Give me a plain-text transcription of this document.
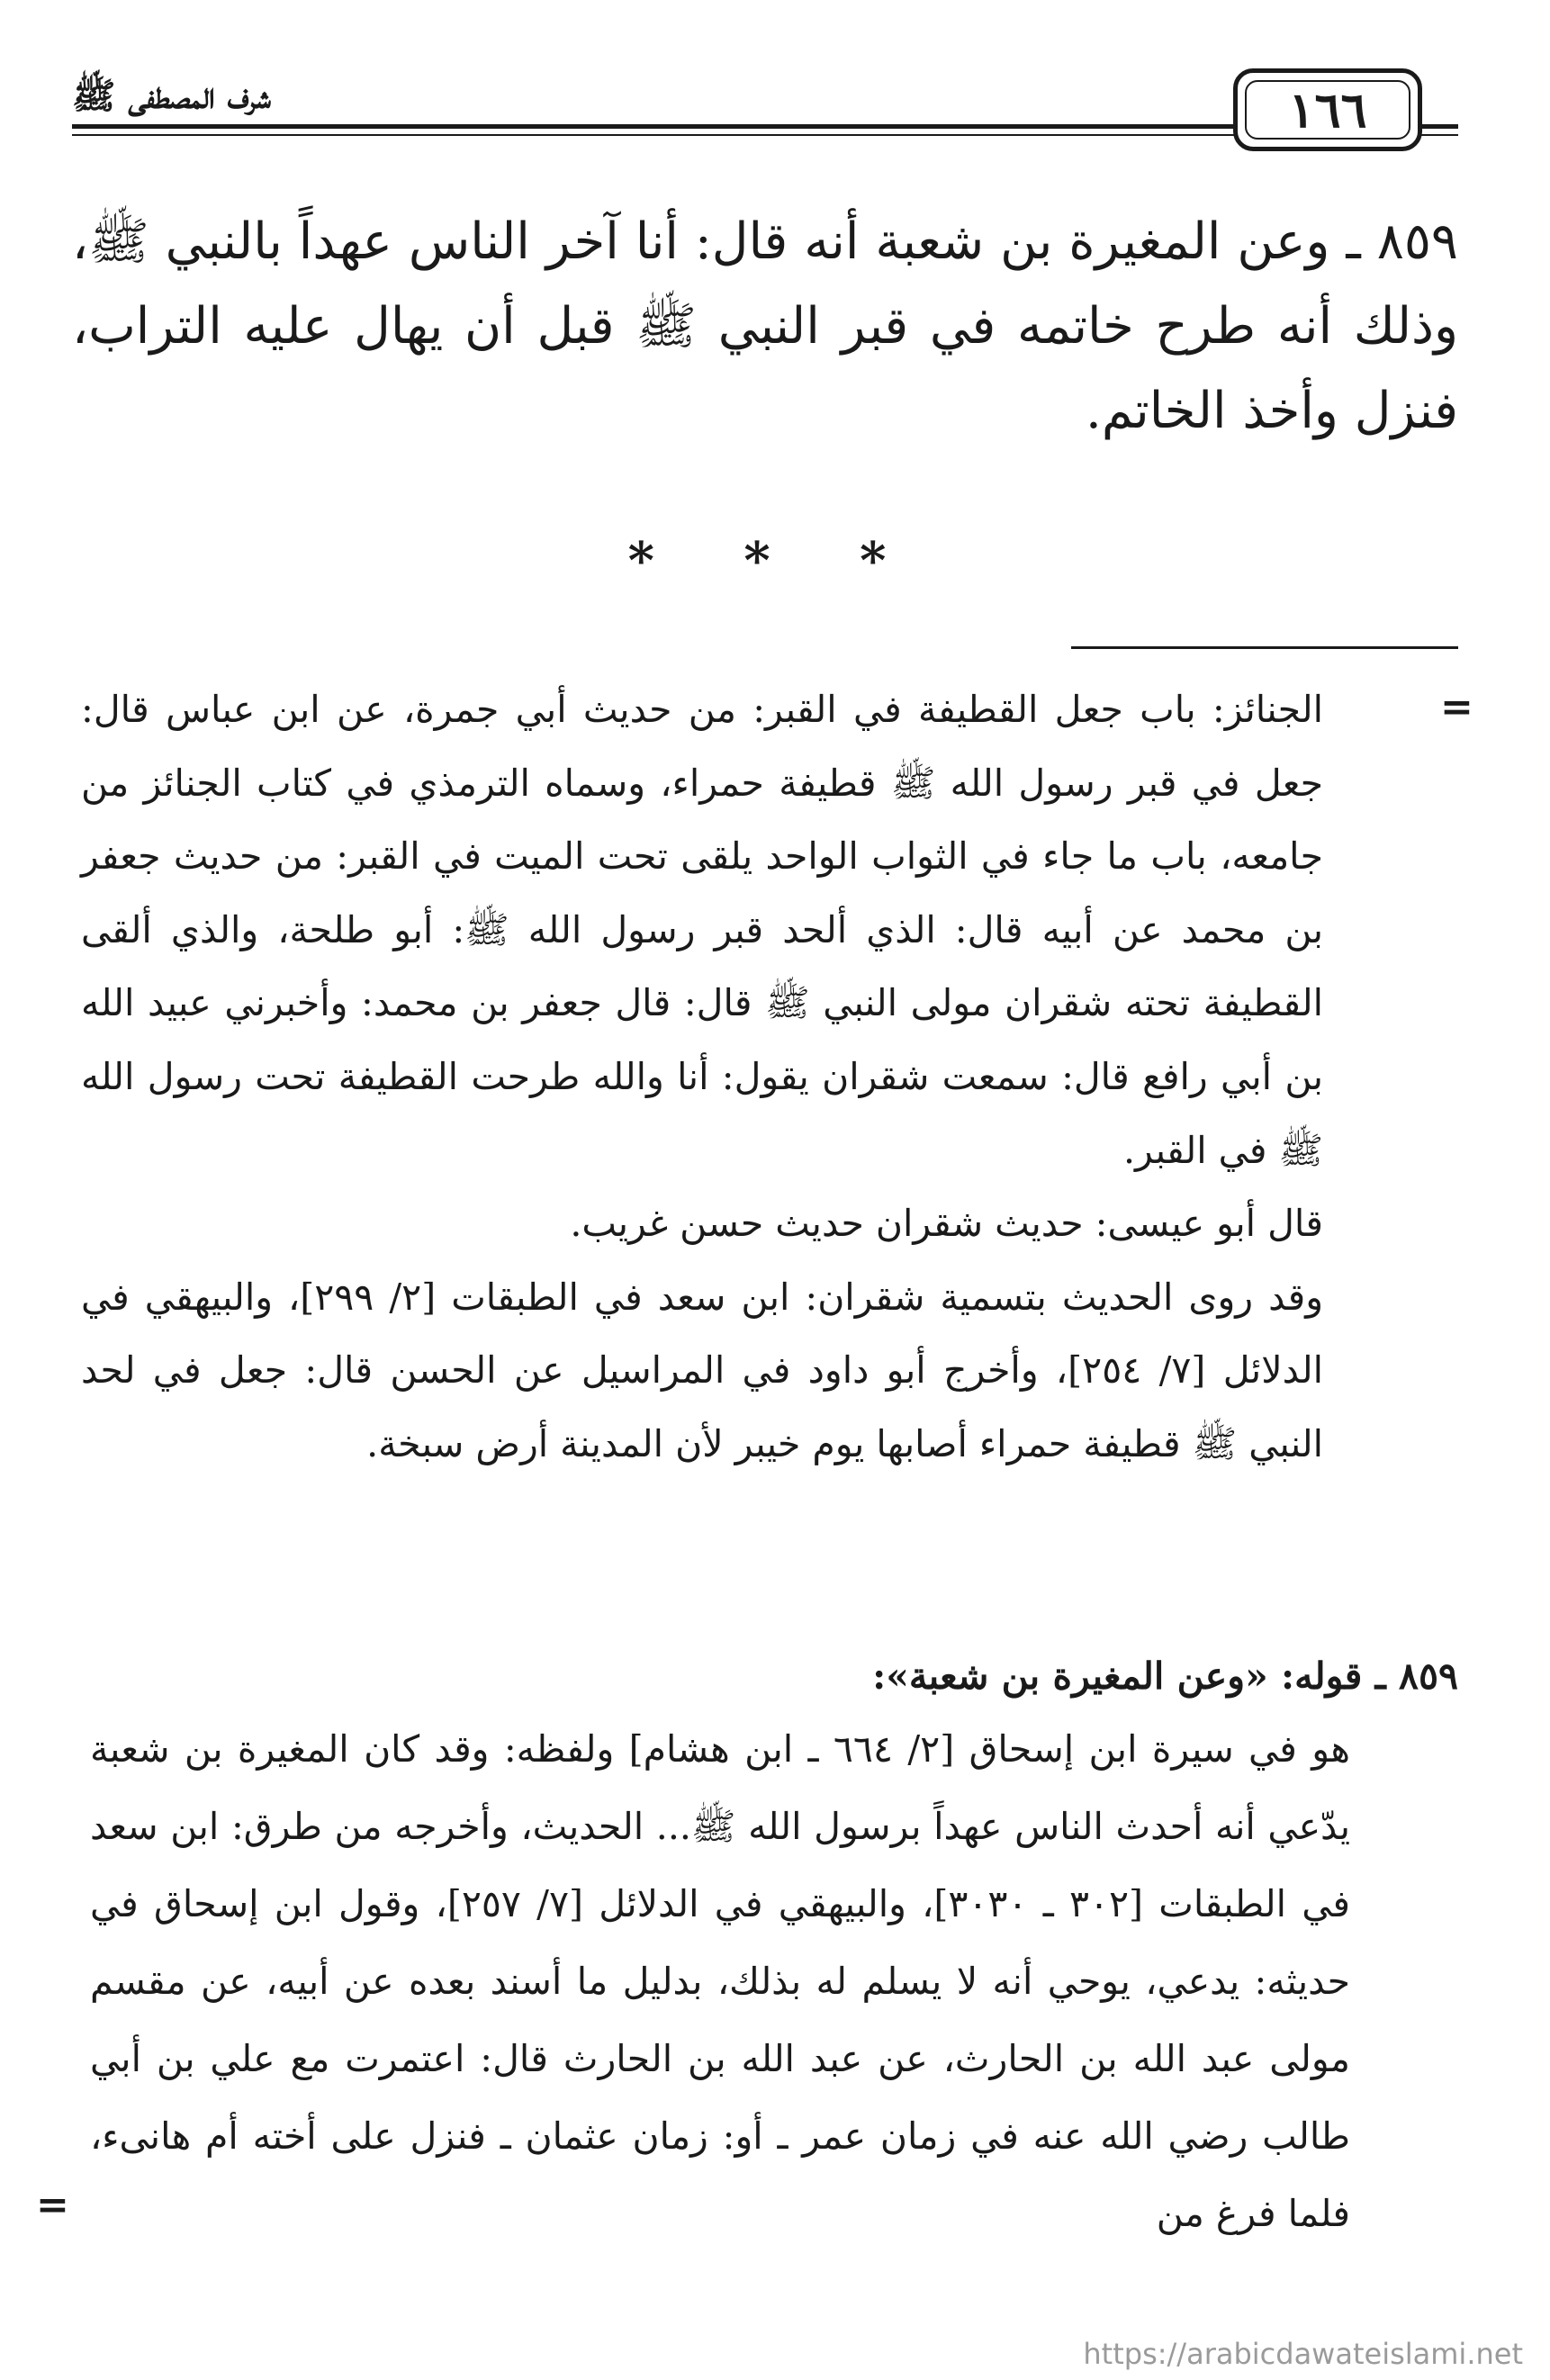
شرف المصطفى ﷺ	١٦٦

٨٥٩ ـ وعن المغيرة بن شعبة أنه قال: أنا آخر الناس عهداً بالنبي ﷺ، وذلك أنه طرح خاتمه في قبر النبي ﷺ قبل أن يهال عليه التراب، فنزل وأخذ الخاتم.

* * *
=

الجنائز: باب جعل القطيفة في القبر: من حديث أبي جمرة، عن ابن عباس قال: جعل في قبر رسول الله ﷺ قطيفة حمراء، وسماه الترمذي في كتاب الجنائز من جامعه، باب ما جاء في الثواب الواحد يلقى تحت الميت في القبر: من حديث جعفر بن محمد عن أبيه قال: الذي ألحد قبر رسول الله ﷺ: أبو طلحة، والذي ألقى القطيفة تحته شقران مولى النبي ﷺ قال: قال جعفر بن محمد: وأخبرني عبيد الله بن أبي رافع قال: سمعت شقران يقول: أنا والله طرحت القطيفة تحت رسول الله ﷺ في القبر.

قال أبو عيسى: حديث شقران حديث حسن غريب.

وقد روى الحديث بتسمية شقران: ابن سعد في الطبقات [٢/ ٢٩٩]، والبيهقي في الدلائل [٧/ ٢٥٤]، وأخرج أبو داود في المراسيل عن الحسن قال: جعل في لحد النبي ﷺ قطيفة حمراء أصابها يوم خيبر لأن المدينة أرض سبخة.

٨٥٩ ـ قوله: «وعن المغيرة بن شعبة»:

هو في سيرة ابن إسحاق [٢/ ٦٦٤ ـ ابن هشام] ولفظه: وقد كان المغيرة بن شعبة يدّعي أنه أحدث الناس عهداً برسول الله ﷺ... الحديث، وأخرجه من طرق: ابن سعد في الطبقات [٣٠٢ ـ ٣٠٣٠]، والبيهقي في الدلائل [٧/ ٢٥٧]، وقول ابن إسحاق في حديثه: يدعي، يوحي أنه لا يسلم له بذلك، بدليل ما أسند بعده عن أبيه، عن مقسم مولى عبد الله بن الحارث، عن عبد الله بن الحارث قال: اعتمرت مع علي بن أبي طالب رضي الله عنه في زمان عمر ـ أو: زمان عثمان ـ فنزل على أخته أم هانىء، فلما فرغ من

=
https://arabicdawateislami.net
